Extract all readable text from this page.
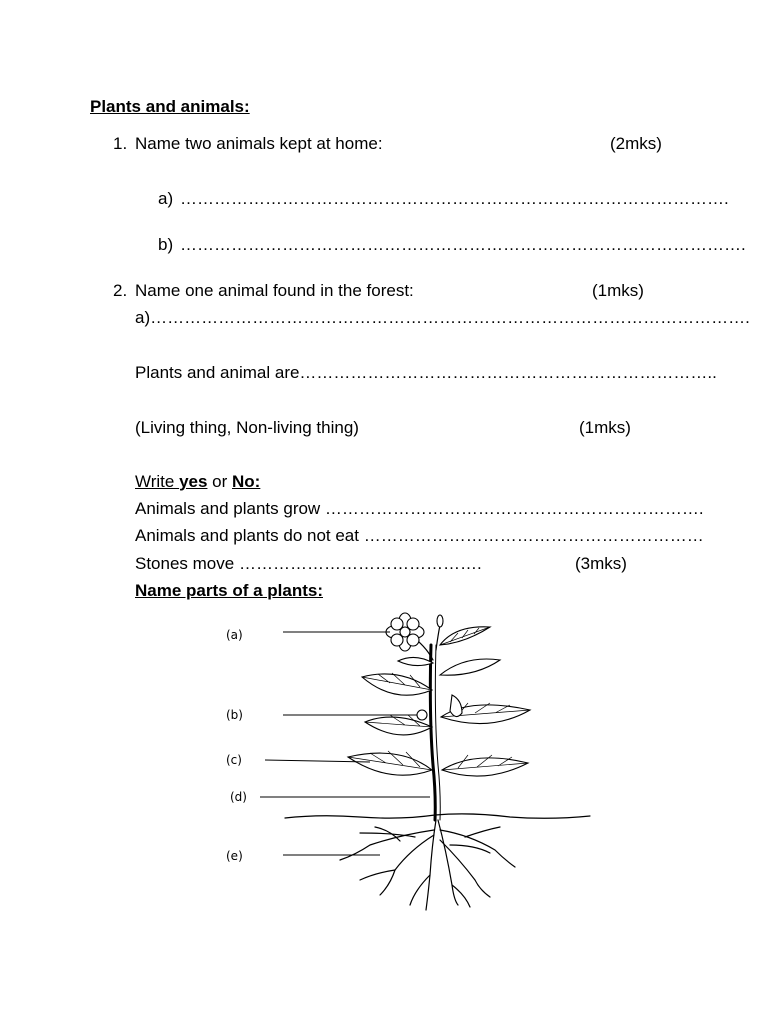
Plants and animals:
1. Name two animals kept at home:	(2mks)
a) …………………………………………………………………………………….
b) ……………………………………………………………………………………….
2. Name one animal found in the forest:	(1mks)
a)…………………………………………………………………………………………….
Plants and animal are………………………………………………………………..
(Living thing, Non-living thing)	(1mks)
Write yes or No:
Animals and plants grow ………………………………………………………….
Animals and plants do not eat ……………………………………………………
Stones move …………………………………….	(3mks)
Name parts of a plants:
(a)
(b)
(c)
(d)
(e)
